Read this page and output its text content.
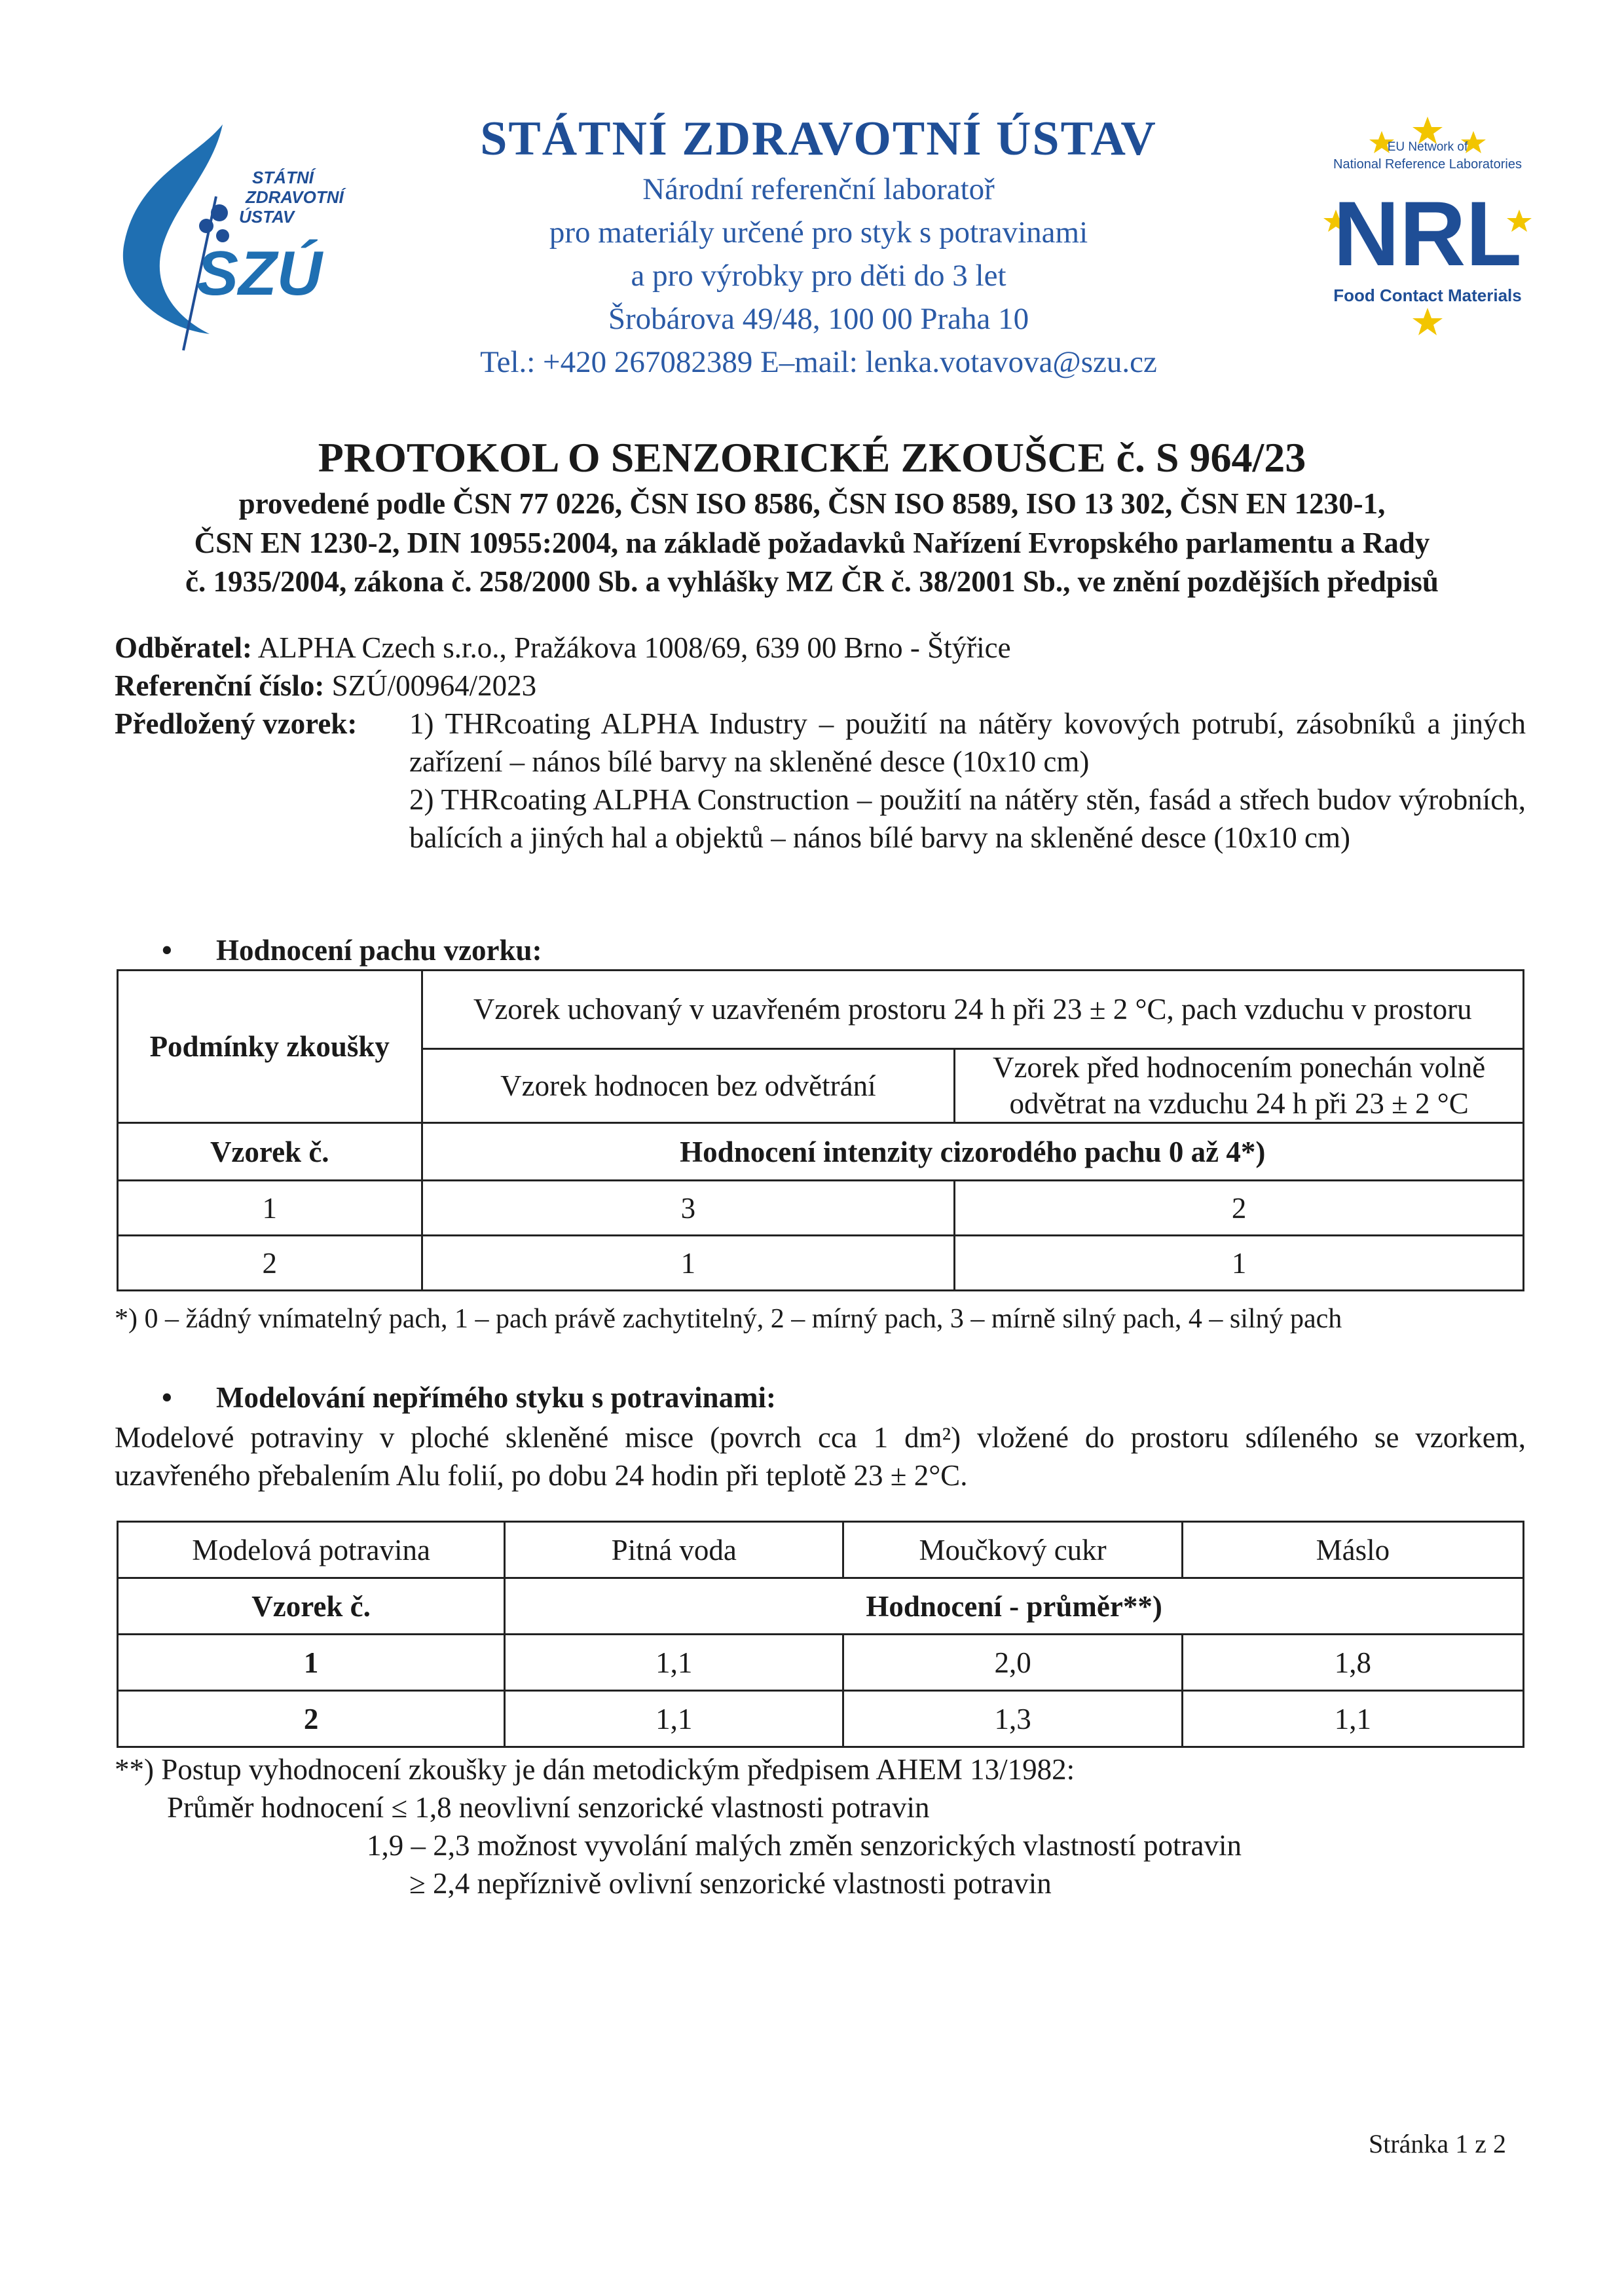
STÁTNÍ
ZDRAVOTNÍ
ÚSTAV
SZÚ
STÁTNÍ ZDRAVOTNÍ ÚSTAV
Národní referenční laboratoř
pro materiály určené pro styk s potravinami
a pro výrobky pro děti do 3 let
Šrobárova 49/48, 100 00 Praha 10
Tel.: +420 267082389 E–mail: lenka.votavova@szu.cz
EU Network of
National Reference Laboratories
NRL
Food Contact Materials
PROTOKOL O SENZORICKÉ ZKOUŠCE č. S 964/23
provedené podle ČSN 77 0226, ČSN ISO 8586, ČSN ISO 8589, ISO 13 302, ČSN EN 1230-1,
ČSN EN 1230-2, DIN 10955:2004, na základě požadavků Nařízení Evropského parlamentu a Rady
č. 1935/2004, zákona č. 258/2000 Sb. a vyhlášky MZ ČR č. 38/2001 Sb., ve znění pozdějších předpisů
Odběratel: ALPHA Czech s.r.o., Pražákova 1008/69, 639 00 Brno - Štýřice
Referenční číslo: SZÚ/00964/2023
Předložený vzorek: 1) THRcoating ALPHA Industry – použití na nátěry kovových potrubí, zásobníků a jiných zařízení – nános bílé barvy na skleněné desce (10x10 cm)
2) THRcoating ALPHA Construction – použití na nátěry stěn, fasád a střech budov výrobních, balících a jiných hal a objektů – nános bílé barvy na skleněné desce (10x10 cm)
• Hodnocení pachu vzorku:
Podmínky zkoušky	Vzorek uchovaný v uzavřeném prostoru 24 h při 23 ± 2 °C, pach vzduchu v prostoru	
	Vzorek hodnocen bez odvětrání	Vzorek před hodnocením ponechán volně odvětrat na vzduchu 24 h při 23 ± 2 °C
Vzorek č.	Hodnocení intenzity cizorodého pachu 0 až 4*)	
1	3	2
2	1	1
*) 0 – žádný vnímatelný pach, 1 – pach právě zachytitelný, 2 – mírný pach, 3 – mírně silný pach, 4 – silný pach
• Modelování nepřímého styku s potravinami:
Modelové potraviny v ploché skleněné misce (povrch cca 1 dm²) vložené do prostoru sdíleného se vzorkem, uzavřeného přebalením Alu folií, po dobu 24 hodin při teplotě 23 ± 2°C.
Modelová potravina	Pitná voda	Moučkový cukr	Máslo
Vzorek č.	Hodnocení - průměr**)		
1	1,1	2,0	1,8
2	1,1	1,3	1,1
**) Postup vyhodnocení zkoušky je dán metodickým předpisem AHEM 13/1982:
Průměr hodnocení ≤ 1,8 neovlivní senzorické vlastnosti potravin
1,9 – 2,3 možnost vyvolání malých změn senzorických vlastností potravin
≥ 2,4 nepříznivě ovlivní senzorické vlastnosti potravin
Stránka 1 z 2
